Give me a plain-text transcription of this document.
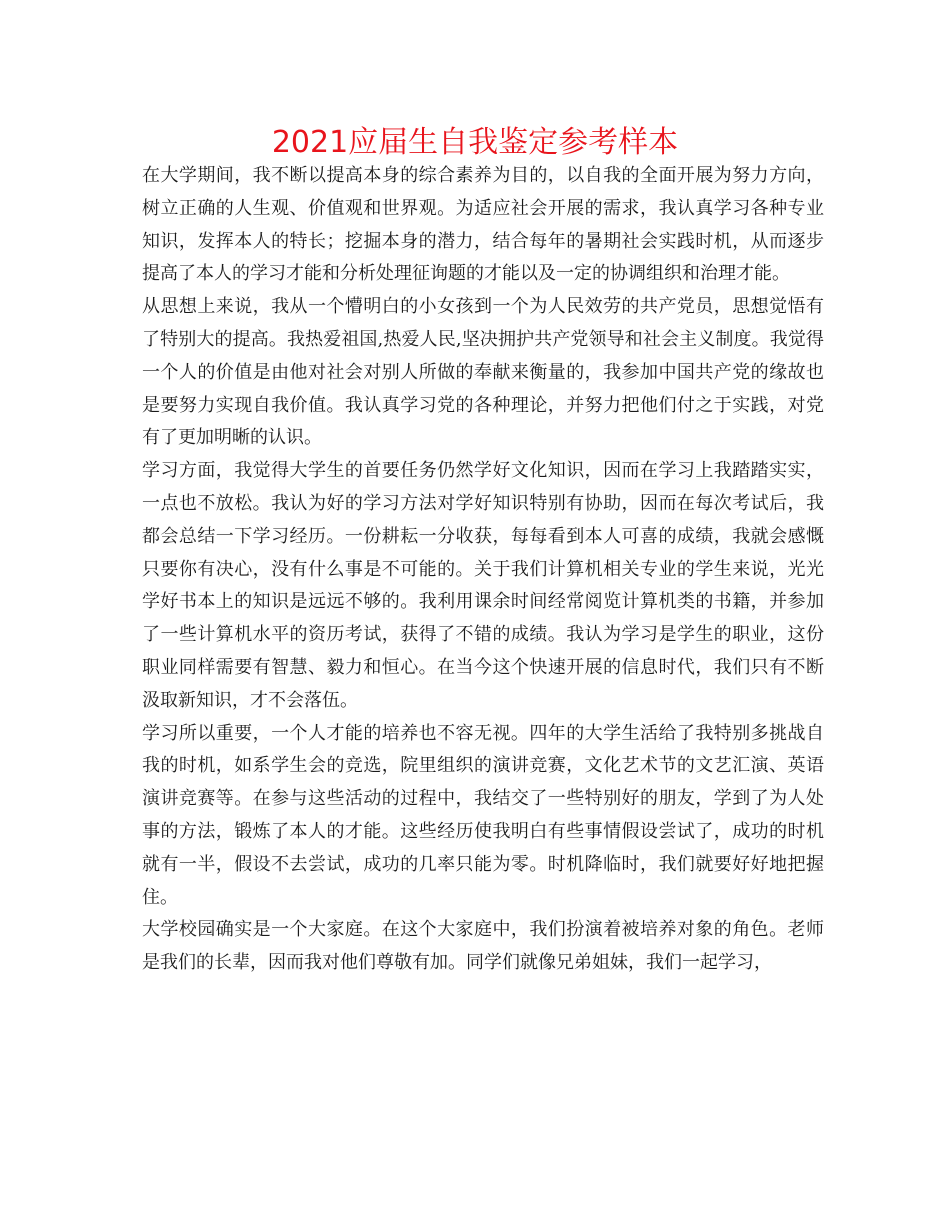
2021应届生自我鉴定参考样本

在大学期间，我不断以提高本身的综合素养为目的，以自我的全面开展为努力方向，树立正确的人生观、价值观和世界观。为适应社会开展的需求，我认真学习各种专业知识，发挥本人的特长；挖掘本身的潜力，结合每年的暑期社会实践时机，从而逐步提高了本人的学习才能和分析处理征询题的才能以及一定的协调组织和治理才能。

从思想上来说，我从一个懵明白的小女孩到一个为人民效劳的共产党员，思想觉悟有了特别大的提高。我热爱祖国,热爱人民,坚决拥护共产党领导和社会主义制度。我觉得一个人的价值是由他对社会对别人所做的奉献来衡量的，我参加中国共产党的缘故也是要努力实现自我价值。我认真学习党的各种理论，并努力把他们付之于实践，对党有了更加明晰的认识。

学习方面，我觉得大学生的首要任务仍然学好文化知识，因而在学习上我踏踏实实，一点也不放松。我认为好的学习方法对学好知识特别有协助，因而在每次考试后，我都会总结一下学习经历。一份耕耘一分收获，每每看到本人可喜的成绩，我就会感慨只要你有决心，没有什么事是不可能的。关于我们计算机相关专业的学生来说，光光学好书本上的知识是远远不够的。我利用课余时间经常阅览计算机类的书籍，并参加了一些计算机水平的资历考试，获得了不错的成绩。我认为学习是学生的职业，这份职业同样需要有智慧、毅力和恒心。在当今这个快速开展的信息时代，我们只有不断汲取新知识，才不会落伍。

学习所以重要，一个人才能的培养也不容无视。四年的大学生活给了我特别多挑战自我的时机，如系学生会的竞选，院里组织的演讲竞赛，文化艺术节的文艺汇演、英语演讲竞赛等。在参与这些活动的过程中，我结交了一些特别好的朋友，学到了为人处事的方法，锻炼了本人的才能。这些经历使我明白有些事情假设尝试了，成功的时机就有一半，假设不去尝试，成功的几率只能为零。时机降临时，我们就要好好地把握住。

大学校园确实是一个大家庭。在这个大家庭中，我们扮演着被培养对象的角色。老师是我们的长辈，因而我对他们尊敬有加。同学们就像兄弟姐妹，我们一起学习，
